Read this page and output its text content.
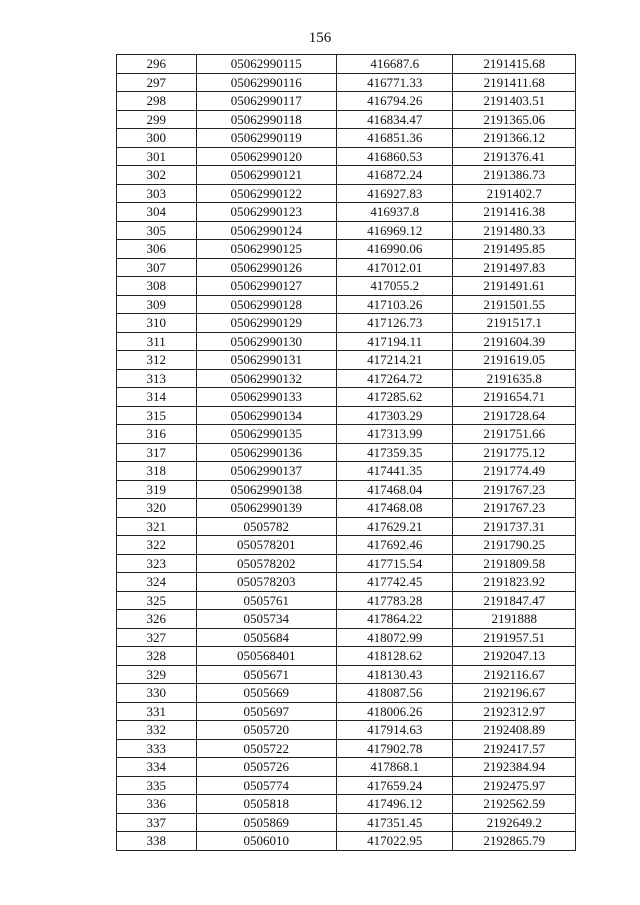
156
296	05062990115	416687.6	2191415.68
297	05062990116	416771.33	2191411.68
298	05062990117	416794.26	2191403.51
299	05062990118	416834.47	2191365.06
300	05062990119	416851.36	2191366.12
301	05062990120	416860.53	2191376.41
302	05062990121	416872.24	2191386.73
303	05062990122	416927.83	2191402.7
304	05062990123	416937.8	2191416.38
305	05062990124	416969.12	2191480.33
306	05062990125	416990.06	2191495.85
307	05062990126	417012.01	2191497.83
308	05062990127	417055.2	2191491.61
309	05062990128	417103.26	2191501.55
310	05062990129	417126.73	2191517.1
311	05062990130	417194.11	2191604.39
312	05062990131	417214.21	2191619.05
313	05062990132	417264.72	2191635.8
314	05062990133	417285.62	2191654.71
315	05062990134	417303.29	2191728.64
316	05062990135	417313.99	2191751.66
317	05062990136	417359.35	2191775.12
318	05062990137	417441.35	2191774.49
319	05062990138	417468.04	2191767.23
320	05062990139	417468.08	2191767.23
321	0505782	417629.21	2191737.31
322	050578201	417692.46	2191790.25
323	050578202	417715.54	2191809.58
324	050578203	417742.45	2191823.92
325	0505761	417783.28	2191847.47
326	0505734	417864.22	2191888
327	0505684	418072.99	2191957.51
328	050568401	418128.62	2192047.13
329	0505671	418130.43	2192116.67
330	0505669	418087.56	2192196.67
331	0505697	418006.26	2192312.97
332	0505720	417914.63	2192408.89
333	0505722	417902.78	2192417.57
334	0505726	417868.1	2192384.94
335	0505774	417659.24	2192475.97
336	0505818	417496.12	2192562.59
337	0505869	417351.45	2192649.2
338	0506010	417022.95	2192865.79
